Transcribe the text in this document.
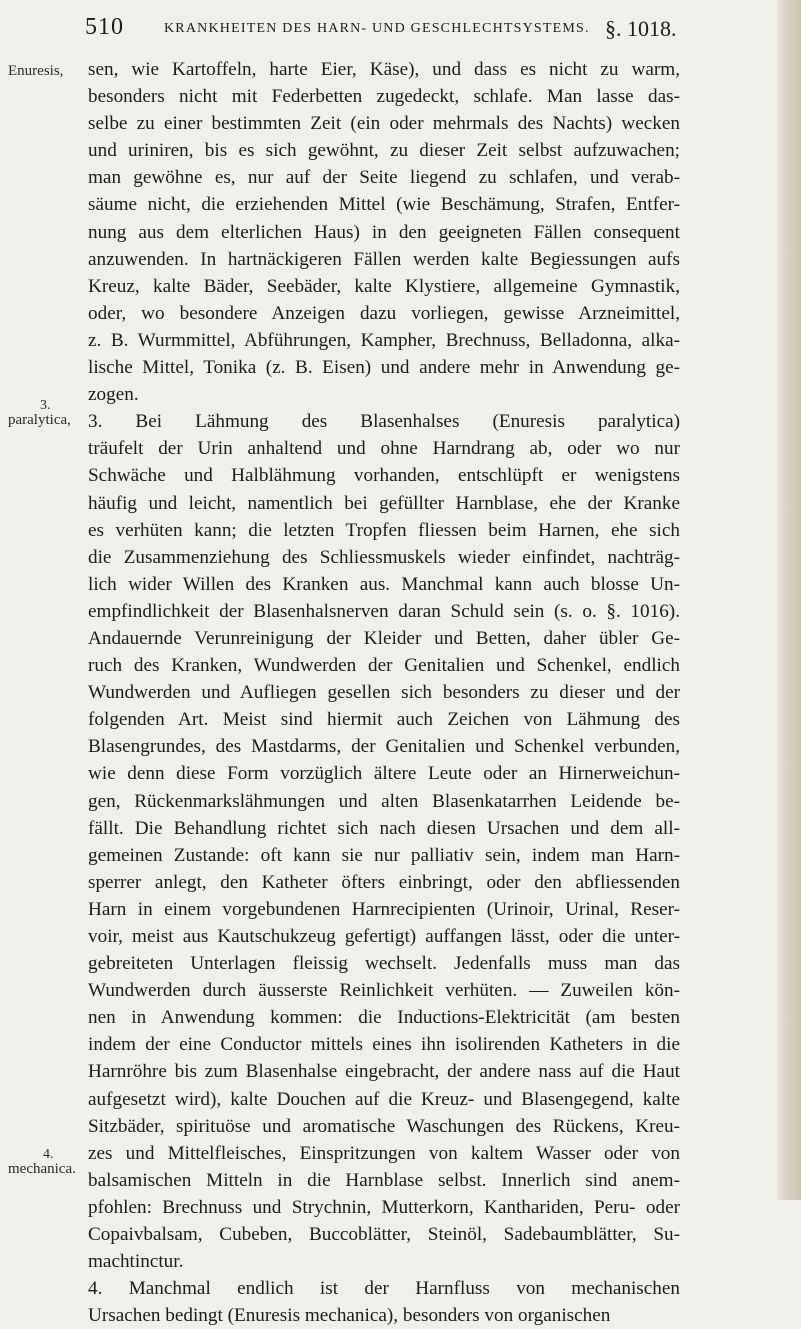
510	KRANKHEITEN DES HARN- UND GESCHLECHTSYSTEMS. §. 1018.
Enuresis,
3.
paralytica,
4.
mechanica.
sen, wie Kartoffeln, harte Eier, Käse), und dass es nicht zu warm,
besonders nicht mit Federbetten zugedeckt, schlafe. Man lasse das-
selbe zu einer bestimmten Zeit (ein oder mehrmals des Nachts) wecken
und uriniren, bis es sich gewöhnt, zu dieser Zeit selbst aufzuwachen;
man gewöhne es, nur auf der Seite liegend zu schlafen, und verab-
säume nicht, die erziehenden Mittel (wie Beschämung, Strafen, Entfer-
nung aus dem elterlichen Haus) in den geeigneten Fällen consequent
anzuwenden. In hartnäckigeren Fällen werden kalte Begiessungen aufs
Kreuz, kalte Bäder, Seebäder, kalte Klystiere, allgemeine Gymnastik,
oder, wo besondere Anzeigen dazu vorliegen, gewisse Arzneimittel,
z. B. Wurmmittel, Abführungen, Kampher, Brechnuss, Belladonna, alka-
lische Mittel, Tonika (z. B. Eisen) und andere mehr in Anwendung ge-
zogen.
3. Bei Lähmung des Blasenhalses (Enuresis paralytica)
träufelt der Urin anhaltend und ohne Harndrang ab, oder wo nur
Schwäche und Halblähmung vorhanden, entschlüpft er wenigstens
häufig und leicht, namentlich bei gefüllter Harnblase, ehe der Kranke
es verhüten kann; die letzten Tropfen fliessen beim Harnen, ehe sich
die Zusammenziehung des Schliessmuskels wieder einfindet, nachträg-
lich wider Willen des Kranken aus. Manchmal kann auch blosse Un-
empfindlichkeit der Blasenhalsnerven daran Schuld sein (s. o. §. 1016).
Andauernde Verunreinigung der Kleider und Betten, daher übler Ge-
ruch des Kranken, Wundwerden der Genitalien und Schenkel, endlich
Wundwerden und Aufliegen gesellen sich besonders zu dieser und der
folgenden Art. Meist sind hiermit auch Zeichen von Lähmung des
Blasengrundes, des Mastdarms, der Genitalien und Schenkel verbunden,
wie denn diese Form vorzüglich ältere Leute oder an Hirnerweichun-
gen, Rückenmarkslähmungen und alten Blasenkatarrhen Leidende be-
fällt. Die Behandlung richtet sich nach diesen Ursachen und dem all-
gemeinen Zustande: oft kann sie nur palliativ sein, indem man Harn-
sperrer anlegt, den Katheter öfters einbringt, oder den abfliessenden
Harn in einem vorgebundenen Harnrecipienten (Urinoir, Urinal, Reser-
voir, meist aus Kautschukzeug gefertigt) auffangen lässt, oder die unter-
gebreiteten Unterlagen fleissig wechselt. Jedenfalls muss man das
Wundwerden durch äusserste Reinlichkeit verhüten. — Zuweilen kön-
nen in Anwendung kommen: die Inductions-Elektricität (am besten
indem der eine Conductor mittels eines ihn isolirenden Katheters in die
Harnröhre bis zum Blasenhalse eingebracht, der andere nass auf die Haut
aufgesetzt wird), kalte Douchen auf die Kreuz- und Blasengegend, kalte
Sitzbäder, spirituöse und aromatische Waschungen des Rückens, Kreu-
zes und Mittelfleisches, Einspritzungen von kaltem Wasser oder von
balsamischen Mitteln in die Harnblase selbst. Innerlich sind anem-
pfohlen: Brechnuss und Strychnin, Mutterkorn, Kanthariden, Peru- oder
Copaivbalsam, Cubeben, Buccoblätter, Steinöl, Sadebaumblätter, Su-
machtinctur.
4. Manchmal endlich ist der Harnfluss von mechanischen
Ursachen bedingt (Enuresis mechanica), besonders von organischen
